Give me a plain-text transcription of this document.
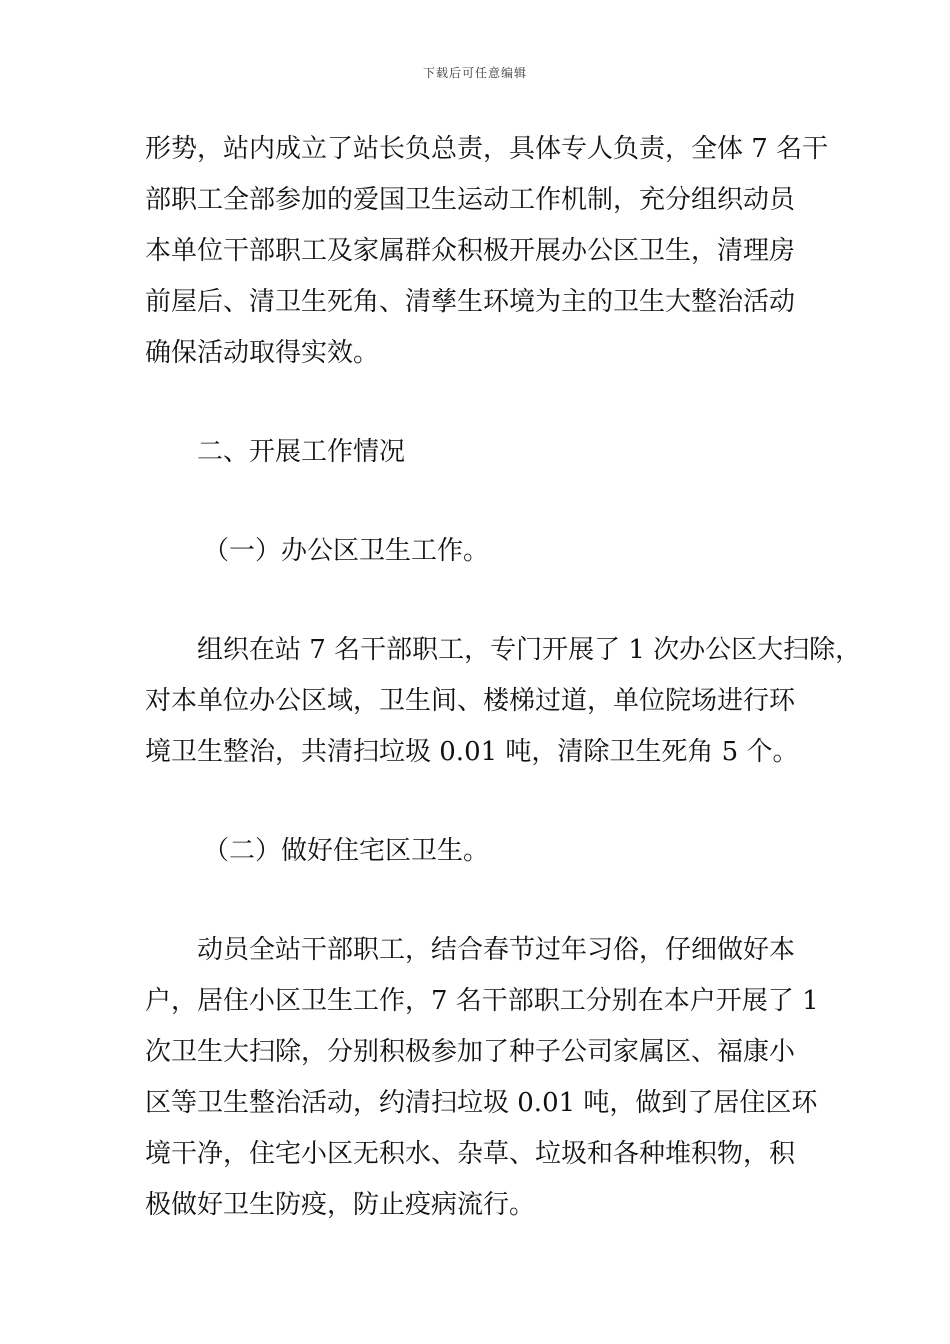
下载后可任意编辑
形势，站内成立了站长负总责，具体专人负责，全体 7 名干
部职工全部参加的爱国卫生运动工作机制，充分组织动员
本单位干部职工及家属群众积极开展办公区卫生，清理房
前屋后、清卫生死角、清孳生环境为主的卫生大整治活动
确保活动取得实效。
二、开展工作情况
（一）办公区卫生工作。
组织在站 7 名干部职工，专门开展了 1 次办公区大扫除，
对本单位办公区域，卫生间、楼梯过道，单位院场进行环
境卫生整治，共清扫垃圾 0.01 吨，清除卫生死角 5 个。
（二）做好住宅区卫生。
动员全站干部职工，结合春节过年习俗，仔细做好本
户，居住小区卫生工作，7 名干部职工分别在本户开展了 1
次卫生大扫除，分别积极参加了种子公司家属区、福康小
区等卫生整治活动，约清扫垃圾 0.01 吨，做到了居住区环
境干净，住宅小区无积水、杂草、垃圾和各种堆积物，积
极做好卫生防疫，防止疫病流行。
